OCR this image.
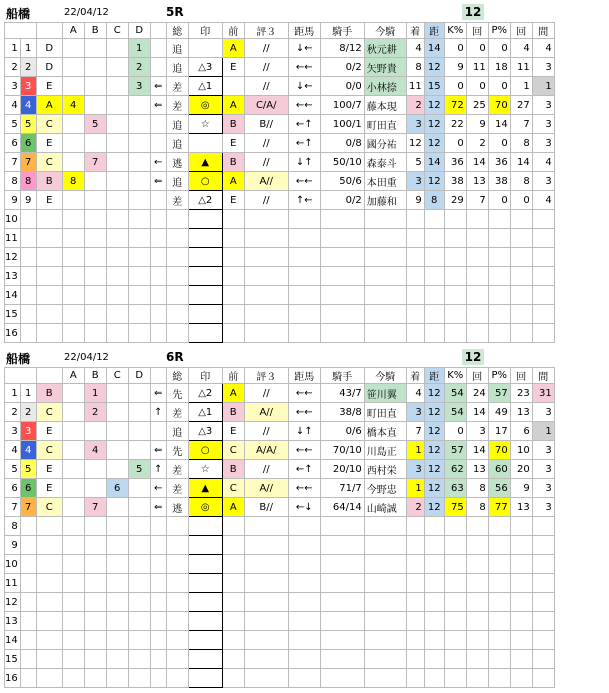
船橋	22/04/12	5R	12
			A	B	C	D		総	印	前	評３	距馬	騎手	今騎	着	距	K%	回	P%	回	間
1	1	D				1		追		A	//	↓←	8/12	秋元耕	4	14	0	0	0	4	4
2	2	D				2		追	△3	E	//	←←	0/2	矢野貴	8	12	9	11	18	11	3
3	3	E				3	⇐	差	△1		//	↓←	0/0	小林捺	11	15	0	0	0	1	1
4	4	A	4				⇐	差	◎	A	C/A/	←←	100/7	藤本現	2	12	72	25	70	27	3
5	5	C		5				追	☆	B	B//	←↑	100/1	町田直	3	12	22	9	14	7	3
6	6	E						追		E	//	←↑	0/8	國分祐	12	12	0	2	0	8	3
7	7	C		7			←	逃	▲	B	//	↓↑	50/10	森泰斗	5	14	36	14	36	14	4
8	8	B	8				⇐	追	○	A	A//	←←	50/6	本田重	3	12	38	13	38	8	3
9	9	E						差	△2	E	//	↑←	0/2	加藤和	9	8	29	7	0	0	4
10																					
11																					
12																					
13																					
14																					
15																					
16																					
船橋	22/04/12	6R	12
			A	B	C	D		総	印	前	評３	距馬	騎手	今騎	着	距	K%	回	P%	回	間
1	1	B		1			⇐	先	△2	A	//	←←	43/7	笹川翼	4	12	54	24	57	23	31
2	2	C		2			↑	差	△1	B	A//	←←	38/8	町田直	3	12	54	14	49	13	3
3	3	E						追	△3	E	//	↓↑	0/6	橋本直	7	12	0	3	17	6	1
4	4	C		4			⇐	先	○	C	A/A/	←←	70/10	川島正	1	12	57	14	70	10	3
5	5	E				5	↑	差	☆	B	//	←↑	20/10	西村栄	3	12	62	13	60	20	3
6	6	E			6		←	差	▲	C	A//	←←	71/7	今野忠	1	12	63	8	56	9	3
7	7	C		7			⇐	逃	◎	A	B//	←↓	64/14	山崎誠	2	12	75	8	77	13	3
8																					
9																					
10																					
11																					
12																					
13																					
14																					
15																					
16																					
